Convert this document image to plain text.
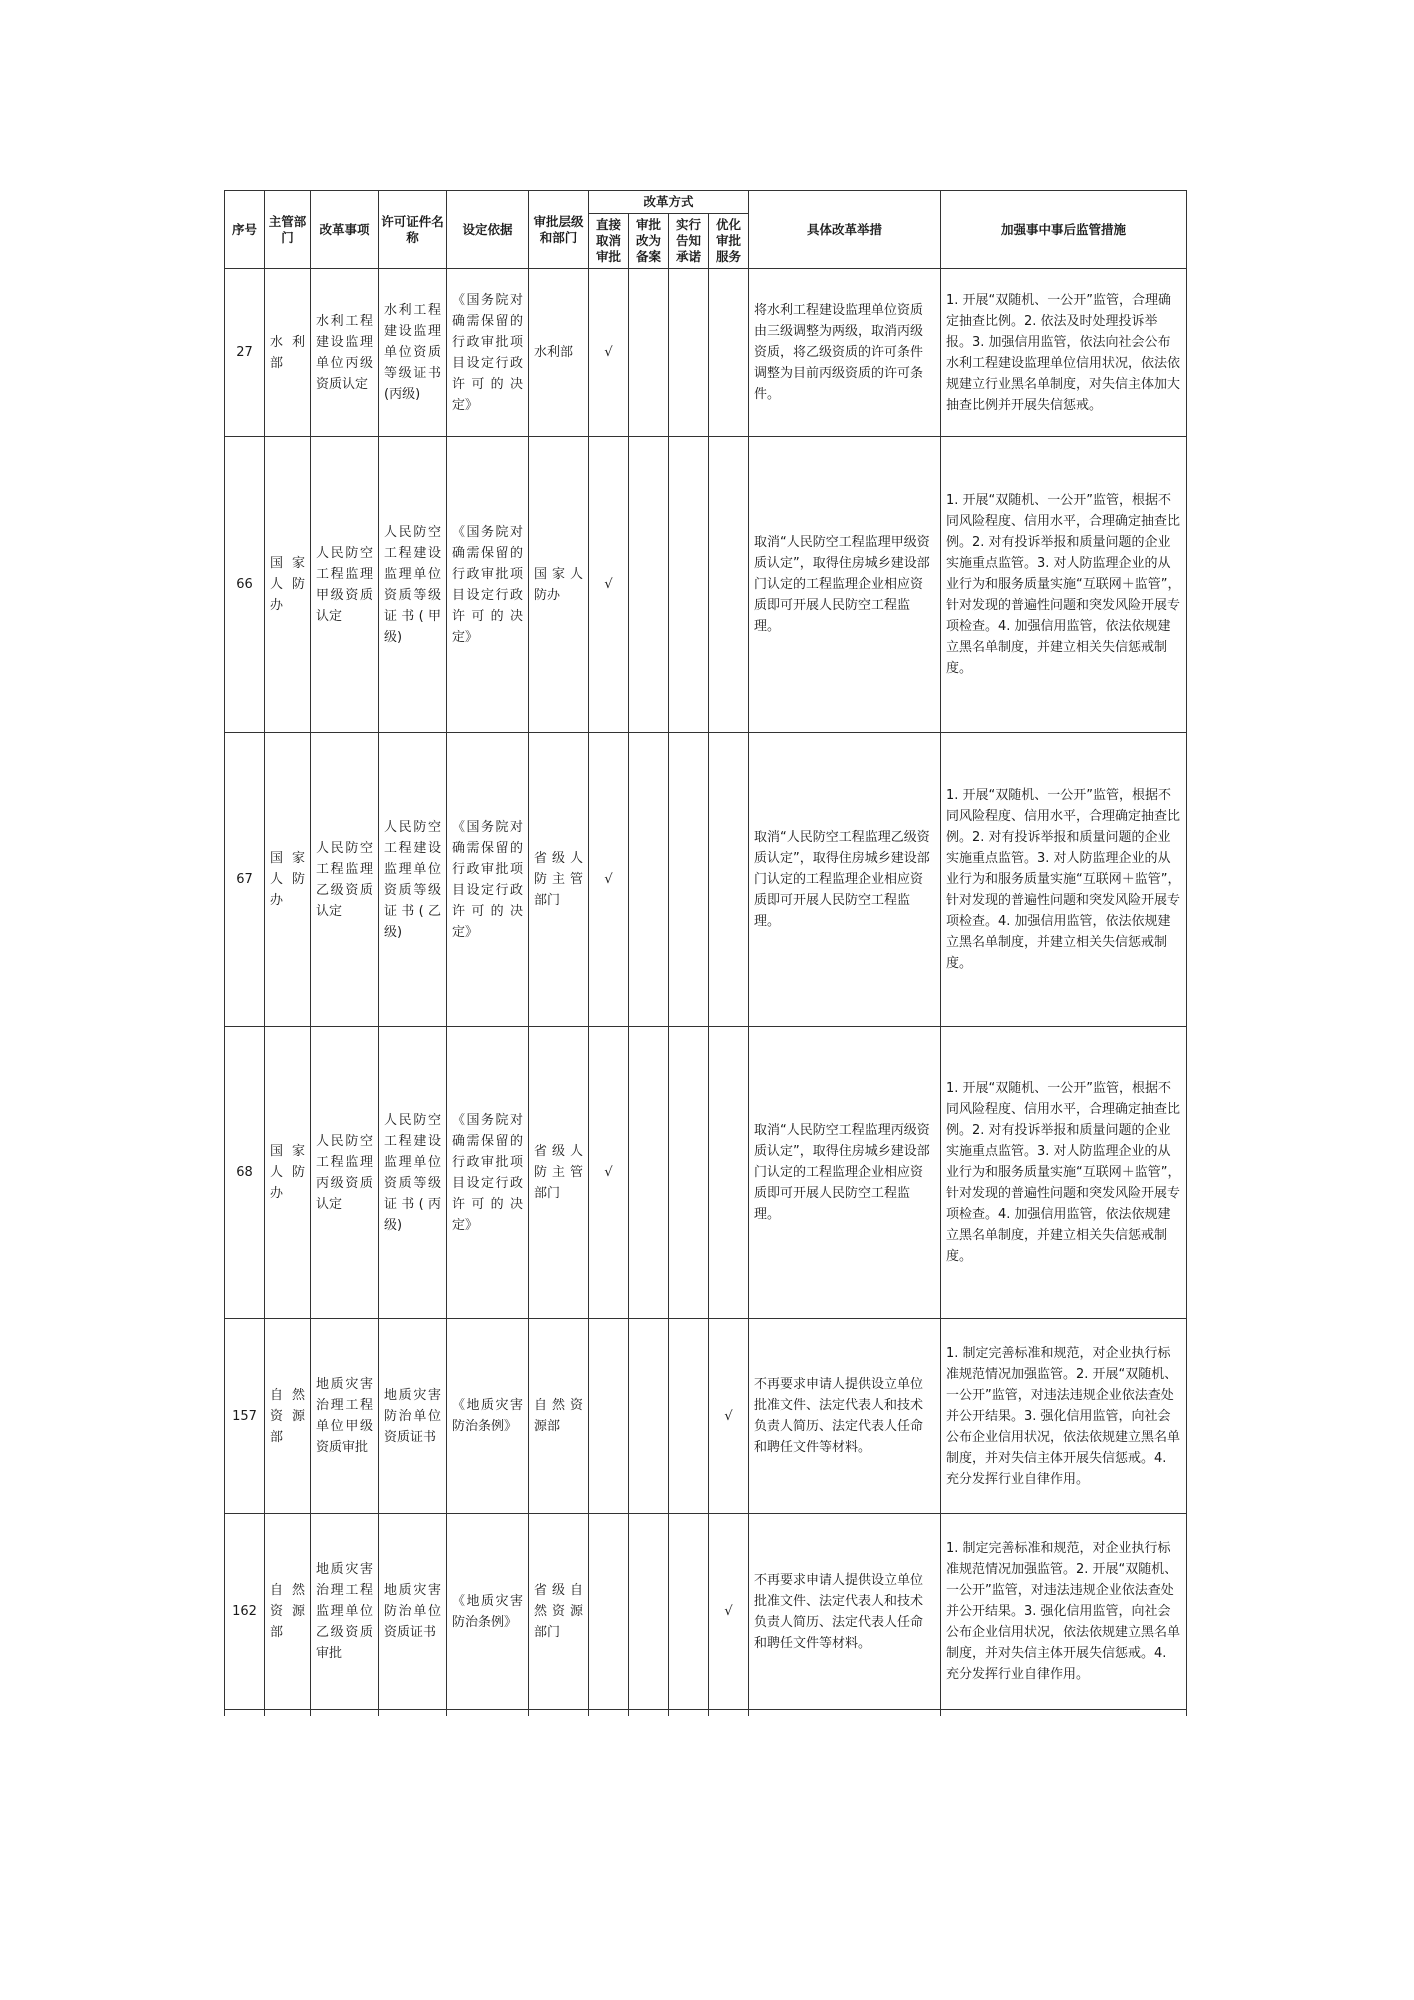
序号	主管部门	改革事项	许可证件名称	设定依据	审批层级和部门	改革方式				具体改革举措	加强事中事后监管措施
						直接取消审批	审批改为备案	实行告知承诺	优化审批服务		
27	水利部	水利工程建设监理单位丙级资质认定	水利工程建设监理单位资质等级证书(丙级)	《国务院对确需保留的行政审批项目设定行政许可的决定》	水利部	√				将水利工程建设监理单位资质由三级调整为两级，取消丙级资质，将乙级资质的许可条件调整为目前丙级资质的许可条件。	1. 开展“双随机、一公开”监管，合理确定抽查比例。2. 依法及时处理投诉举报。3. 加强信用监管，依法向社会公布水利工程建设监理单位信用状况，依法依规建立行业黑名单制度，对失信主体加大抽查比例并开展失信惩戒。
66	国家人防办	人民防空工程监理甲级资质认定	人民防空工程建设监理单位资质等级证书(甲级)	《国务院对确需保留的行政审批项目设定行政许可的决定》	国家人防办	√				取消“人民防空工程监理甲级资质认定”，取得住房城乡建设部门认定的工程监理企业相应资质即可开展人民防空工程监理。	1. 开展“双随机、一公开”监管，根据不同风险程度、信用水平，合理确定抽查比例。2. 对有投诉举报和质量问题的企业实施重点监管。3. 对人防监理企业的从业行为和服务质量实施“互联网＋监管”，针对发现的普遍性问题和突发风险开展专项检查。4. 加强信用监管，依法依规建立黑名单制度，并建立相关失信惩戒制度。
67	国家人防办	人民防空工程监理乙级资质认定	人民防空工程建设监理单位资质等级证书(乙级)	《国务院对确需保留的行政审批项目设定行政许可的决定》	省级人防主管部门	√				取消“人民防空工程监理乙级资质认定”，取得住房城乡建设部门认定的工程监理企业相应资质即可开展人民防空工程监理。	1. 开展“双随机、一公开”监管，根据不同风险程度、信用水平，合理确定抽查比例。2. 对有投诉举报和质量问题的企业实施重点监管。3. 对人防监理企业的从业行为和服务质量实施“互联网＋监管”，针对发现的普遍性问题和突发风险开展专项检查。4. 加强信用监管，依法依规建立黑名单制度，并建立相关失信惩戒制度。
68	国家人防办	人民防空工程监理丙级资质认定	人民防空工程建设监理单位资质等级证书(丙级)	《国务院对确需保留的行政审批项目设定行政许可的决定》	省级人防主管部门	√				取消“人民防空工程监理丙级资质认定”，取得住房城乡建设部门认定的工程监理企业相应资质即可开展人民防空工程监理。	1. 开展“双随机、一公开”监管，根据不同风险程度、信用水平，合理确定抽查比例。2. 对有投诉举报和质量问题的企业实施重点监管。3. 对人防监理企业的从业行为和服务质量实施“互联网＋监管”，针对发现的普遍性问题和突发风险开展专项检查。4. 加强信用监管，依法依规建立黑名单制度，并建立相关失信惩戒制度。
157	自然资源部	地质灾害治理工程单位甲级资质审批	地质灾害防治单位资质证书	《地质灾害防治条例》	自然资源部				√	不再要求申请人提供设立单位批准文件、法定代表人和技术负责人简历、法定代表人任命和聘任文件等材料。	1. 制定完善标准和规范，对企业执行标准规范情况加强监管。2. 开展“双随机、一公开”监管，对违法违规企业依法查处并公开结果。3. 强化信用监管，向社会公布企业信用状况，依法依规建立黑名单制度，并对失信主体开展失信惩戒。4. 充分发挥行业自律作用。
162	自然资源部	地质灾害治理工程监理单位乙级资质审批	地质灾害防治单位资质证书	《地质灾害防治条例》	省级自然资源部门				√	不再要求申请人提供设立单位批准文件、法定代表人和技术负责人简历、法定代表人任命和聘任文件等材料。	1. 制定完善标准和规范，对企业执行标准规范情况加强监管。2. 开展“双随机、一公开”监管，对违法违规企业依法查处并公开结果。3. 强化信用监管，向社会公布企业信用状况，依法依规建立黑名单制度，并对失信主体开展失信惩戒。4. 充分发挥行业自律作用。
